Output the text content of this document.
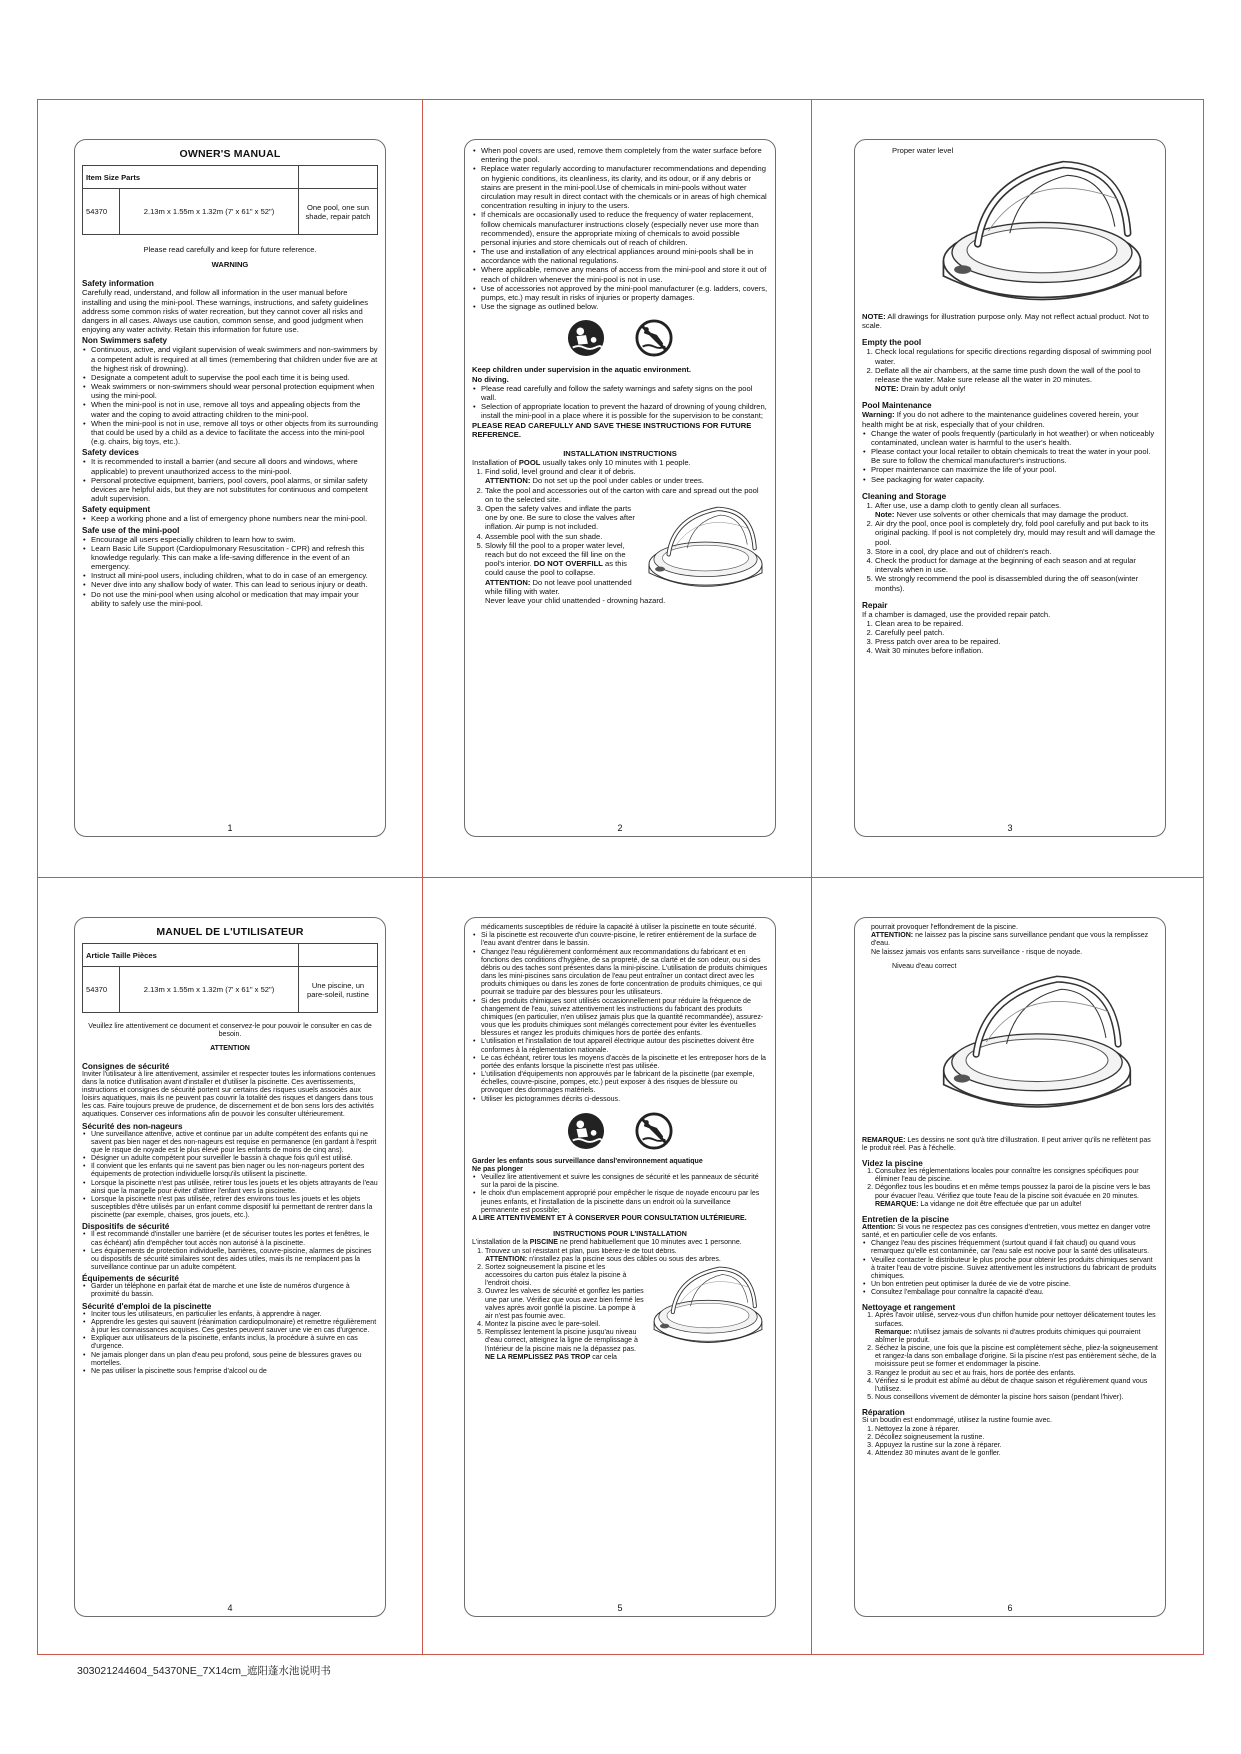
OWNER'S MANUAL
Item Size Parts		
54370	2.13m x 1.55m x 1.32m (7' x 61" x 52")	One pool, one sun shade, repair patch

Please read carefully and keep for future reference.

WARNING

Safety information

Carefully read, understand, and follow all information in the user manual before installing and using the mini-pool. These warnings, instructions, and safety guidelines address some common risks of water recreation, but they cannot cover all risks and dangers in all cases. Always use caution, common sense, and good judgment when enjoying any water activity. Retain this information for future use.

Non Swimmers safety

• Continuous, active, and vigilant supervision of weak swimmers and non-swimmers by a competent adult is required at all times (remembering that children under five are at the highest risk of drowning).
• Designate a competent adult to supervise the pool each time it is being used.
• Weak swimmers or non-swimmers should wear personal protection equipment when using the mini-pool.
• When the mini-pool is not in use, remove all toys and appealing objects from the water and the coping to avoid attracting children to the mini-pool.
• When the mini-pool is not in use, remove all toys or other objects from its surrounding that could be used by a child as a device to facilitate the access into the mini-pool (e.g. chairs, big toys, etc.).

Safety devices

• It is recommended to install a barrier (and secure all doors and windows, where applicable) to prevent unauthorized access to the mini-pool.
• Personal protective equipment, barriers, pool covers, pool alarms, or similar safety devices are helpful aids, but they are not substitutes for continuous and competent adult supervision.

Safety equipment

• Keep a working phone and a list of emergency phone numbers near the mini-pool.

Safe use of the mini-pool

• Encourage all users especially children to learn how to swim.
• Learn Basic Life Support (Cardiopulmonary Resuscitation - CPR) and refresh this knowledge regularly. This can make a life-saving difference in the event of an emergency.
• Instruct all mini-pool users, including children, what to do in case of an emergency.
• Never dive into any shallow body of water. This can lead to serious injury or death.
• Do not use the mini-pool when using alcohol or medication that may impair your ability to safely use the mini-pool.
1
• When pool covers are used, remove them completely from the water surface before entering the pool.
• Replace water regularly according to manufacturer recommendations and depending on hygienic conditions, its cleanliness, its clarity, and its odour, or if any debris or stains are present in the mini-pool.Use of chemicals in mini-pools without water circulation may result in direct contact with the chemicals or in areas of high chemical concentration resulting in injury to the users.
• If chemicals are occasionally used to reduce the frequency of water replacement, follow chemicals manufacturer instructions closely (especially never use more than recommended), ensure the appropriate mixing of chemicals to avoid possible personal injuries and store chemicals out of reach of children.
• The use and installation of any electrical appliances around mini-pools shall be in accordance with the national regulations.
• Where applicable, remove any means of access from the mini-pool and store it out of reach of children whenever the mini-pool is not in use.
• Use of accessories not approved by the mini-pool manufacturer (e.g. ladders, covers, pumps, etc.) may result in risks of injuries or property damages.
• Use the signage as outlined below.

Keep children under supervision in the aquatic environment.

No diving.

• Please read carefully and follow the safety warnings and safety signs on the pool wall.
• Selection of appropriate location to prevent the hazard of drowning of young children, install the mini-pool in a place where it is possible for the supervision to be constant;

PLEASE READ CAREFULLY AND SAVE THESE INSTRUCTIONS FOR FUTURE REFERENCE.

INSTALLATION INSTRUCTIONS

Installation of POOL usually takes only 10 minutes with 1 people.

1. Find solid, level ground and clear it of debris.
ATTENTION: Do not set up the pool under cables or under trees.
2. Take the pool and accessories out of the carton with care and spread out the pool on to the selected site.
3. Open the safety valves and inflate the parts one by one. Be sure to close the valves after inflation. Air pump is not included.
4. Assemble pool with the sun shade.
5. Slowly fill the pool to a proper water level, reach but do not exceed the fill line on the pool's interior. DO NOT OVERFILL as this could cause the pool to collapse.
ATTENTION: Do not leave pool unattended while filling with water.
Never leave your chlid unattended - drowning hazard.
2
Proper water level

NOTE: All drawings for illustration purpose only. May not reflect actual product. Not to scale.

Empty the pool

1. Check local regulations for specific directions regarding disposal of swimming pool water.
2. Deflate all the air chambers, at the same time push down the wall of the pool to release the water. Make sure release all the water in 20 minutes.
NOTE: Drain by adult only!

Pool Maintenance

Warning: If you do not adhere to the maintenance guidelines covered herein, your health might be at risk, especially that of your children.

• Change the water of pools frequently (particularly in hot weather) or when noticeably contaminated, unclean water is harmful to the user's health.
• Please contact your local retailer to obtain chemicals to treat the water in your pool. Be sure to follow the chemical manufacturer's instructions.
• Proper maintenance can maximize the life of your pool.
• See packaging for water capacity.

Cleaning and Storage

1. After use, use a damp cloth to gently clean all surfaces.
Note: Never use solvents or other chemicals that may damage the product.
2. Air dry the pool, once pool is completely dry, fold pool carefully and put back to its original packing. If pool is not completely dry, mould may result and will damage the pool.
3. Store in a cool, dry place and out of children's reach.
4. Check the product for damage at the beginning of each season and at regular intervals when in use.
5. We strongly recommend the pool is disassembled during the off season(winter months).

Repair

If a chamber is damaged, use the provided repair patch.

1. Clean area to be repaired.
2. Carefully peel patch.
3. Press patch over area to be repaired.
4. Wait 30 minutes before inflation.
3
MANUEL DE L'UTILISATEUR
Article Taille Pièces		
54370	2.13m x 1.55m x 1.32m (7' x 61" x 52")	Une piscine, un pare-soleil, rustine

Veuillez lire attentivement ce document et conservez-le pour pouvoir le consulter en cas de besoin.

ATTENTION

Consignes de sécurité

Inviter l'utilisateur à lire attentivement, assimiler et respecter toutes les informations contenues dans la notice d'utilisation avant d'installer et d'utiliser la piscinette. Ces avertissements, instructions et consignes de sécurité portent sur certains des risques usuels associés aux loisirs aquatiques, mais ils ne peuvent pas couvrir la totalité des risques et dangers dans tous les cas. Faire toujours preuve de prudence, de discernement et de bon sens lors des activités aquatiques. Conserver ces informations afin de pouvoir les consulter ultérieurement.

Sécurité des non-nageurs

• Une surveillance attentive, active et continue par un adulte compétent des enfants qui ne savent pas bien nager et des non-nageurs est requise en permanence (en gardant à l'esprit que le risque de noyade est le plus élevé pour les enfants de moins de cinq ans).
• Désigner un adulte compétent pour surveiller le bassin à chaque fois qu'il est utilisé.
• Il convient que les enfants qui ne savent pas bien nager ou les non-nageurs portent des équipements de protection individuelle lorsqu'ils utilisent la piscinette.
• Lorsque la piscinette n'est pas utilisée, retirer tous les jouets et les objets attrayants de l'eau ainsi que la margelle pour éviter d'attirer l'enfant vers la piscinette.
• Lorsque la piscinette n'est pas utilisée, retirer des environs tous les jouets et les objets susceptibles d'être utilisés par un enfant comme dispositif lui permettant de rentrer dans la piscinette (par exemple, chaises, gros jouets, etc.).

Dispositifs de sécurité

• Il est recommandé d'installer une barrière (et de sécuriser toutes les portes et fenêtres, le cas échéant) afin d'empêcher tout accès non autorisé à la piscinette.
• Les équipements de protection individuelle, barrières, couvre-piscine, alarmes de piscines ou dispositifs de sécurité similaires sont des aides utiles, mais ils ne remplacent pas la surveillance continue par un adulte compétent.

Équipements de sécurité

• Garder un téléphone en parfait état de marche et une liste de numéros d'urgence à proximité du bassin.

Sécurité d'emploi de la piscinette

• Inciter tous les utilisateurs, en particulier les enfants, à apprendre à nager.
• Apprendre les gestes qui sauvent (réanimation cardiopulmonaire) et remettre régulièrement à jour les connaissances acquises. Ces gestes peuvent sauver une vie en cas d'urgence.
• Expliquer aux utilisateurs de la piscinette, enfants inclus, la procédure à suivre en cas d'urgence.
• Ne jamais plonger dans un plan d'eau peu profond, sous peine de blessures graves ou mortelles.
• Ne pas utiliser la piscinette sous l'emprise d'alcool ou de
4

médicaments susceptibles de réduire la capacité à utiliser la piscinette en toute sécurité.

• Si la piscinette est recouverte d'un couvre-piscine, le retirer entièrement de la surface de l'eau avant d'entrer dans le bassin.
• Changez l'eau régulièrement conformément aux recommandations du fabricant et en fonctions des conditions d'hygiène, de sa propreté, de sa clarté et de son odeur, ou si des débris ou des taches sont présentes dans la mini-piscine. L'utilisation de produits chimiques dans les mini-piscines sans circulation de l'eau peut entraîner un contact direct avec les produits chimiques ou dans les zones de forte concentration de produits chimiques, ce qui pourrait se traduire par des blessures pour les utilisateurs.
• Si des produits chimiques sont utilisés occasionnellement pour réduire la fréquence de changement de l'eau, suivez attentivement les instructions du fabricant des produits chimiques (en particulier, n'en utilisez jamais plus que la quantité recommandée), assurez-vous que les produits chimiques sont mélangés correctement pour éviter les éventuelles blessures et rangez les produits chimiques hors de portée des enfants.
• L'utilisation et l'installation de tout appareil électrique autour des piscinettes doivent être conformes à la réglementation nationale.
• Le cas échéant, retirer tous les moyens d'accès de la piscinette et les entreposer hors de la portée des enfants lorsque la piscinette n'est pas utilisée.
• L'utilisation d'équipements non approuvés par le fabricant de la piscinette (par exemple, échelles, couvre-piscine, pompes, etc.) peut exposer à des risques de blessure ou provoquer des dommages matériels.
• Utiliser les pictogrammes décrits ci-dessous.

Garder les enfants sous surveillance dansl'environnement aquatique

Ne pas plonger

• Veuillez lire attentivement et suivre les consignes de sécurité et les panneaux de sécurité sur la paroi de la piscine.
• le choix d'un emplacement approprié pour empêcher le risque de noyade encouru par les jeunes enfants, et l'installation de la piscinette dans un endroit où la surveillance permanente est possible;

A LIRE ATTENTIVEMENT ET À CONSERVER POUR CONSULTATION ULTÉRIEURE.

INSTRUCTIONS POUR L'INSTALLATION

L'installation de la PISCINE ne prend habituellement que 10 minutes avec 1 personne.

1. Trouvez un sol résistant et plan, puis libérez-le de tout débris.
ATTENTION: n'installez pas la piscine sous des câbles ou sous des arbres.
2. Sortez soigneusement la piscine et les accessoires du carton puis étalez la piscine à l'endroit choisi.
3. Ouvrez les valves de sécurité et gonflez les parties une par une. Vérifiez que vous avez bien fermé les valves après avoir gonflé la piscine. La pompe à air n'est pas fournie avec.
4. Montez la piscine avec le pare-soleil.
5. Remplissez lentement la piscine jusqu'au niveau d'eau correct, atteignez la ligne de remplissage à l'intérieur de la piscine mais ne la dépassez pas. NE LA REMPLISSEZ PAS TROP car cela
5

pourrait provoquer l'effondrement de la piscine.

ATTENTION: ne laissez pas la piscine sans surveillance pendant que vous la remplissez d'eau.

Ne laissez jamais vos enfants sans surveillance - risque de noyade.

Niveau d'eau correct

REMARQUE: Les dessins ne sont qu'à titre d'illustration. Il peut arriver qu'ils ne reflètent pas le produit réel. Pas à l'échelle.

Videz la piscine

1. Consultez les réglementations locales pour connaître les consignes spécifiques pour éliminer l'eau de piscine.
2. Dégonflez tous les boudins et en même temps poussez la paroi de la piscine vers le bas pour évacuer l'eau. Vérifiez que toute l'eau de la piscine soit évacuée en 20 minutes.
REMARQUE: La vidange ne doit être effectuée que par un adulte!

Entretien de la piscine

Attention: Si vous ne respectez pas ces consignes d'entretien, vous mettez en danger votre santé, et en particulier celle de vos enfants.

• Changez l'eau des piscines fréquemment (surtout quand il fait chaud) ou quand vous remarquez qu'elle est contaminée, car l'eau sale est nocive pour la santé des utilisateurs.
• Veuillez contacter le distributeur le plus proche pour obtenir les produits chimiques servant à traiter l'eau de votre piscine. Suivez attentivement les instructions du fabricant de produits chimiques.
• Un bon entretien peut optimiser la durée de vie de votre piscine.
• Consultez l'emballage pour connaître la capacité d'eau.

Nettoyage et rangement

1. Après l'avoir utilisé, servez-vous d'un chiffon humide pour nettoyer délicatement toutes les surfaces.
Remarque: n'utilisez jamais de solvants ni d'autres produits chimiques qui pourraient abîmer le produit.
2. Séchez la piscine, une fois que la piscine est complètement sèche, pliez-la soigneusement et rangez-la dans son emballage d'origine. Si la piscine n'est pas entièrement sèche, de la moisissure peut se former et endommager la piscine.
3. Rangez le produit au sec et au frais, hors de portée des enfants.
4. Vérifiez si le produit est abîmé au début de chaque saison et régulièrement quand vous l'utilisez.
5. Nous conseillons vivement de démonter la piscine hors saison (pendant l'hiver).

Réparation

Si un boudin est endommagé, utilisez la rustine fournie avec.

1. Nettoyez la zone à réparer.
2. Décollez soigneusement la rustine.
3. Appuyez la rustine sur la zone à réparer.
4. Attendez 30 minutes avant de le gonfler.
6
303021244604_54370NE_7X14cm_遮阳蓬水池说明书
